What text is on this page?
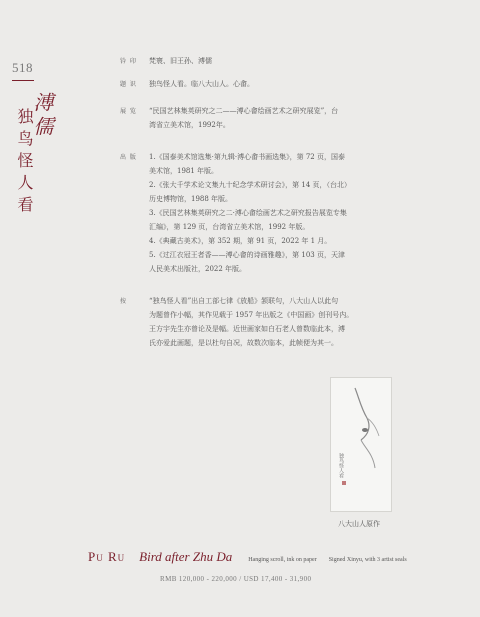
518
溥儒
独鸟怪人看
钤 印	梵寰、旧王孙、溥儒
题 识	独鸟怪人看。临八大山人。心畬。
展 览	“民国艺林集英研究之二——溥心畬绘画艺术之研究展览”，台

湾省立美术馆，1992年。

出 版	1.《国泰美术馆选集·第九辑·溥心畬书画选集》，第 72 页，国泰

美术馆，1981 年版。

2.《张大千学术论文集九十纪念学术研讨会》，第 14 页，（台北）

历史博物馆，1988 年版。

3.《民国艺林集英研究之二·溥心畬绘画艺术之研究报告展览专集

汇编》，第 129 页，台湾省立美术馆，1992 年版。

4.《典藏古美术》，第 352 期，第 91 页，2022 年 1 月。

5.《过江衣冠王者香——溥心畬的诗画雅趣》，第 103 页，天津

人民美术出版社，2022 年版。

按	“独鸟怪人看”出自工部七律《放船》颔联句，八大山人以此句

为题曾作小幅，其作见载于 1957 年出版之《中国画》创刊号内。

王方宇先生亦曾论及是幅。近世画家如白石老人曾数临此本，溥

氏亦爱此画题，是以杜句自况，故数次临本，此帧便为其一。

独鸟怪人看
八大山人原作
Pu Ru Bird after Zhu Da	Hanging scroll, ink on paper Signed Xinyu, with 3 artist seals
RMB 120,000 - 220,000 / USD 17,400 - 31,900
